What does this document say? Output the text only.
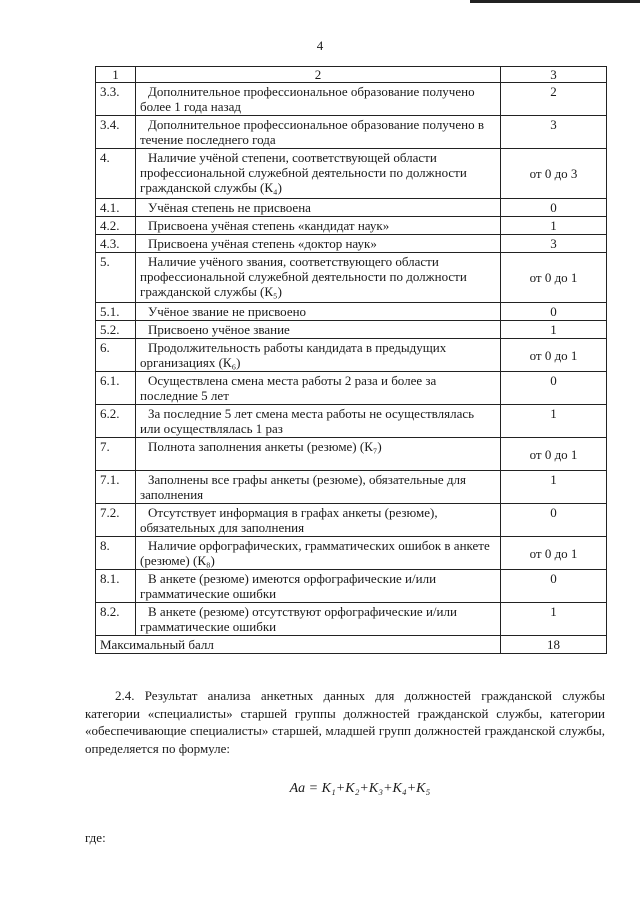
4
1	2	3
3.3.	Дополнительное профессиональное образование получено более 1 года назад	2
3.4.	Дополнительное профессиональное образование получено в течение последнего года	3
4.	Наличие учёной степени, соответствующей области профессиональной служебной деятельности по должности гражданской службы (К₄)	от 0 до 3
4.1.	Учёная степень не присвоена	0
4.2.	Присвоена учёная степень «кандидат наук»	1
4.3.	Присвоена учёная степень «доктор наук»	3
5.	Наличие учёного звания, соответствующего области профессиональной служебной деятельности по должности гражданской службы (К₅)	от 0 до 1
5.1.	Учёное звание не присвоено	0
5.2.	Присвоено учёное звание	1
6.	Продолжительность работы кандидата в предыдущих организациях (К₆)	от 0 до 1
6.1.	Осуществлена смена места работы 2 раза и более за последние 5 лет	0
6.2.	За последние 5 лет смена места работы не осуществлялась или осуществлялась 1 раз	1
7.	Полнота заполнения анкеты (резюме) (К₇)	от 0 до 1
7.1.	Заполнены все графы анкеты (резюме), обязательные для заполнения	1
7.2.	Отсутствует информация в графах анкеты (резюме), обязательных для заполнения	0
8.	Наличие орфографических, грамматических ошибок в анкете (резюме) (К₈)	от 0 до 1
8.1.	В анкете (резюме) имеются орфографические и/или грамматические ошибки	0
8.2.	В анкете (резюме) отсутствуют орфографические и/или грамматические ошибки	1
Максимальный балл		18
2.4. Результат анализа анкетных данных для должностей гражданской службы категории «специалисты» старшей группы должностей гражданской службы, категории «обеспечивающие специалисты» старшей, младшей групп должностей гражданской службы, определяется по формуле:
Aа = K₁+K₂+K₃+K₄+K₅
где:
